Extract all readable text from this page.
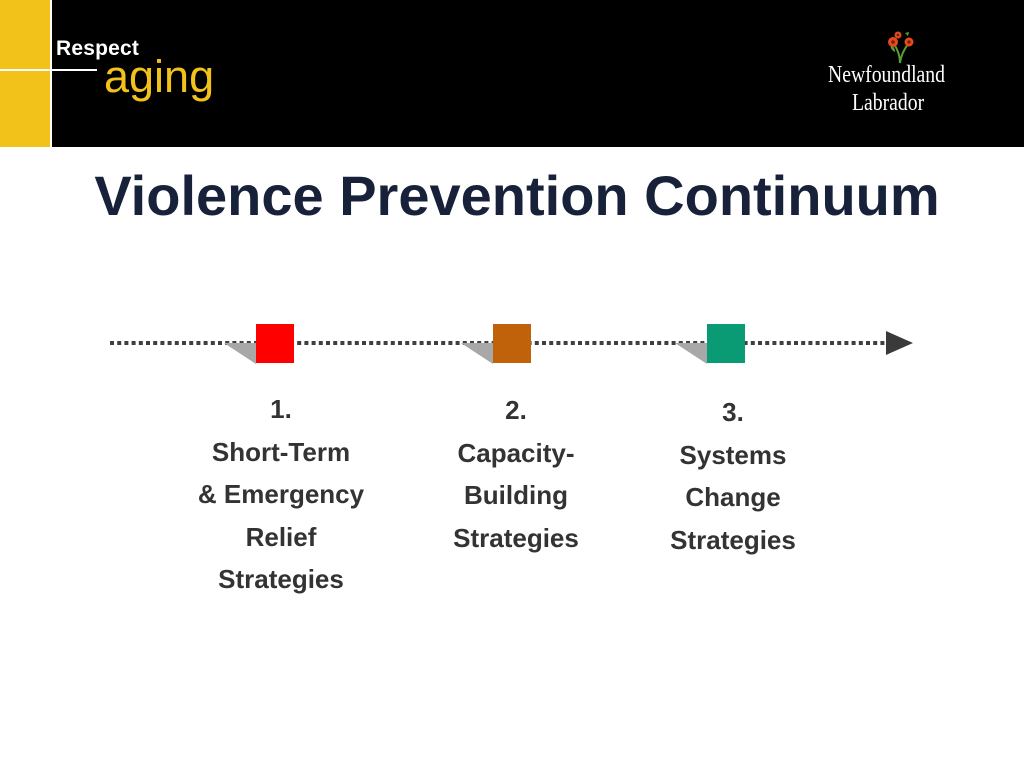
Respect
aging	Newfoundland
Labrador
Violence Prevention Continuum
1.
Short-Term
& Emergency
Relief
Strategies
2.
Capacity-
Building
Strategies
3.
Systems
Change
Strategies
